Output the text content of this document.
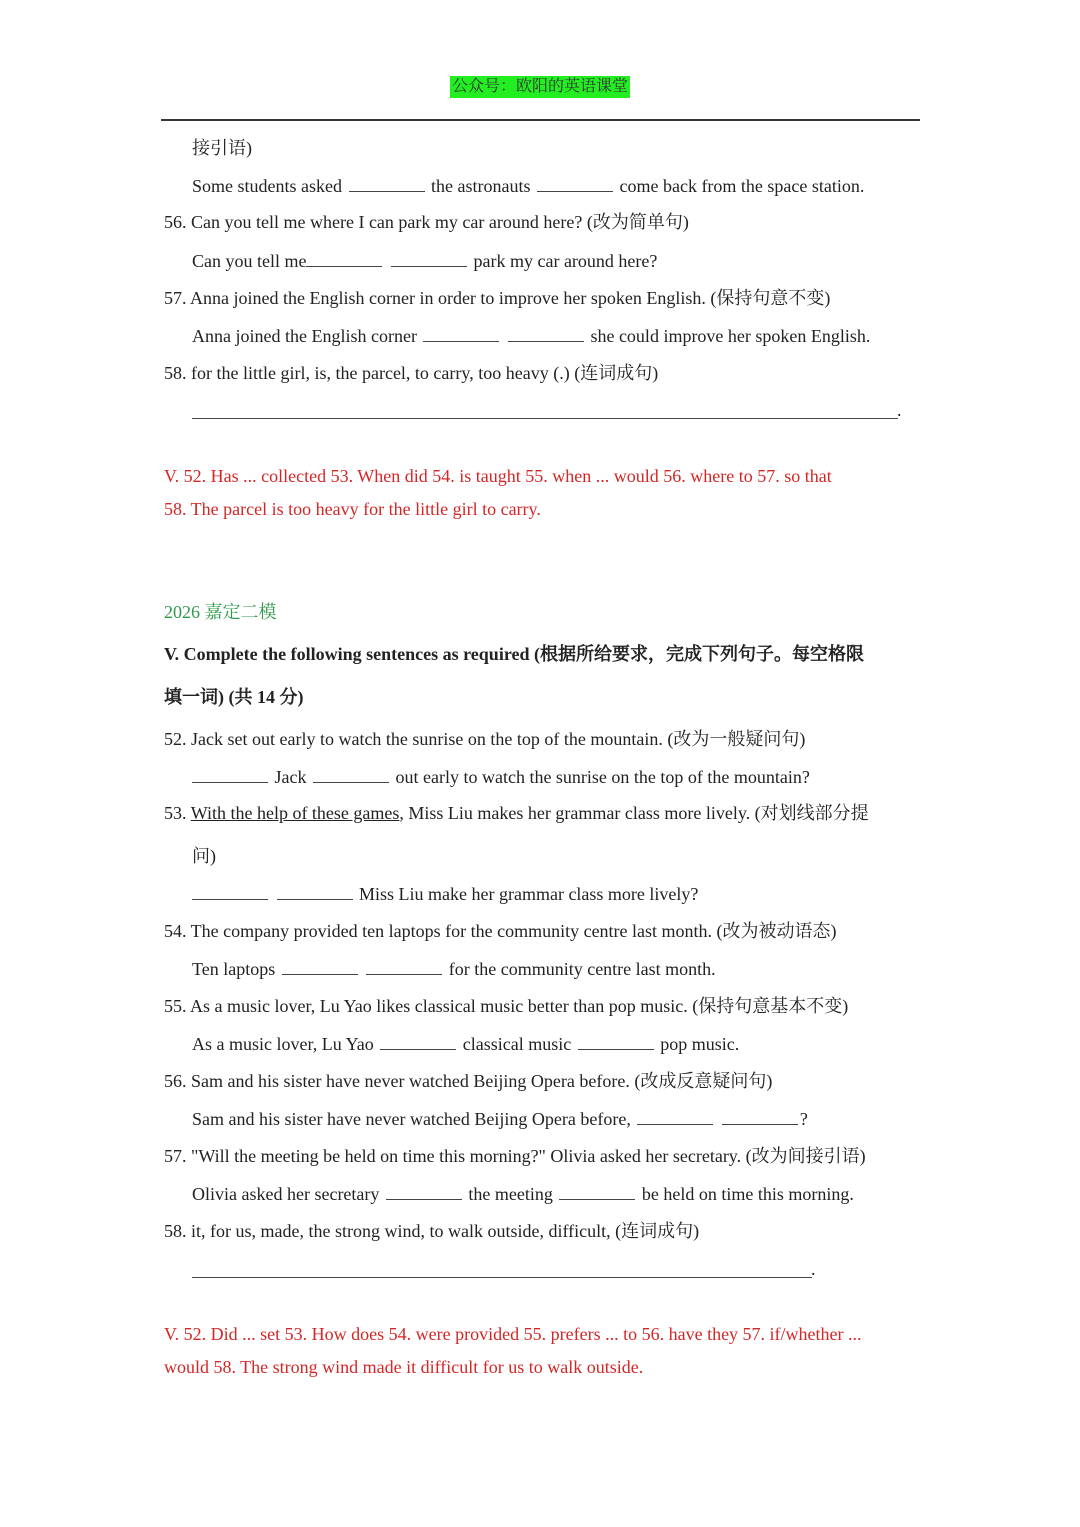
公众号：欧阳的英语课堂
接引语)
Some students asked	the astronauts	come back from the space station.
56. Can you tell me where I can park my car around here? (改为简单句)
Can you tell me	park my car around here?
57. Anna joined the English corner in order to improve her spoken English. (保持句意不变)
Anna joined the English corner	she could improve her spoken English.
58. for the little girl, is, the parcel, to carry, too heavy (.) (连词成句)
.
V. 52. Has ... collected 53. When did 54. is taught 55. when ... would 56. where to 57. so that
58. The parcel is too heavy for the little girl to carry.
2026 嘉定二模
V. Complete the following sentences as required (根据所给要求，完成下列句子。每空格限
填一词) (共 14 分)
52. Jack set out early to watch the sunrise on the top of the mountain. (改为一般疑问句)
Jack	out early to watch the sunrise on the top of the mountain?
53. With the help of these games, Miss Liu makes her grammar class more lively. (对划线部分提
问)
Miss Liu make her grammar class more lively?
54. The company provided ten laptops for the community centre last month. (改为被动语态)
Ten laptops	for the community centre last month.
55. As a music lover, Lu Yao likes classical music better than pop music. (保持句意基本不变)
As a music lover, Lu Yao	classical music	pop music.
56. Sam and his sister have never watched Beijing Opera before. (改成反意疑问句)
Sam and his sister have never watched Beijing Opera before,	?
57. "Will the meeting be held on time this morning?" Olivia asked her secretary. (改为间接引语)
Olivia asked her secretary	the meeting	be held on time this morning.
58. it, for us, made, the strong wind, to walk outside, difficult, (连词成句)
.
V. 52. Did ... set 53. How does 54. were provided 55. prefers ... to 56. have they 57. if/whether ...
would 58. The strong wind made it difficult for us to walk outside.
